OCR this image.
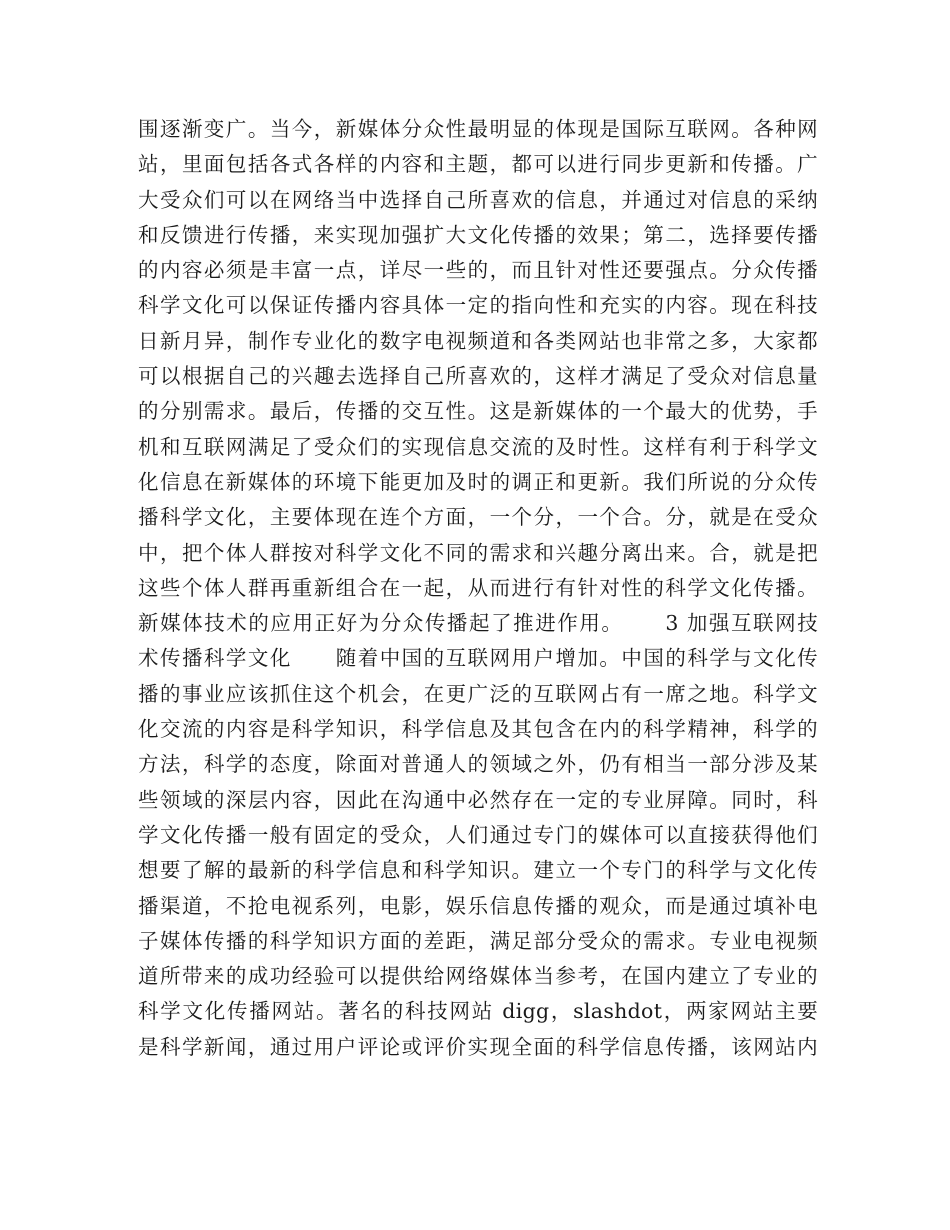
围逐渐变广。当今，新媒体分众性最明显的体现是国际互联网。各种网
站，里面包括各式各样的内容和主题，都可以进行同步更新和传播。广
大受众们可以在网络当中选择自己所喜欢的信息，并通过对信息的采纳
和反馈进行传播，来实现加强扩大文化传播的效果；第二，选择要传播
的内容必须是丰富一点，详尽一些的，而且针对性还要强点。分众传播
科学文化可以保证传播内容具体一定的指向性和充实的内容。现在科技
日新月异，制作专业化的数字电视频道和各类网站也非常之多，大家都
可以根据自己的兴趣去选择自己所喜欢的，这样才满足了受众对信息量
的分别需求。最后，传播的交互性。这是新媒体的一个最大的优势，手
机和互联网满足了受众们的实现信息交流的及时性。这样有利于科学文
化信息在新媒体的环境下能更加及时的调正和更新。我们所说的分众传
播科学文化，主要体现在连个方面，一个分，一个合。分，就是在受众
中，把个体人群按对科学文化不同的需求和兴趣分离出来。合，就是把
这些个体人群再重新组合在一起，从而进行有针对性的科学文化传播。
新媒体技术的应用正好为分众传播起了推进作用。　　 3 加强互联网技
术传播科学文化　　随着中国的互联网用户增加。中国的科学与文化传
播的事业应该抓住这个机会，在更广泛的互联网占有一席之地。科学文
化交流的内容是科学知识，科学信息及其包含在内的科学精神，科学的
方法，科学的态度，除面对普通人的领域之外，仍有相当一部分涉及某
些领域的深层内容，因此在沟通中必然存在一定的专业屏障。同时，科
学文化传播一般有固定的受众，人们通过专门的媒体可以直接获得他们
想要了解的最新的科学信息和科学知识。建立一个专门的科学与文化传
播渠道，不抢电视系列，电影，娱乐信息传播的观众，而是通过填补电
子媒体传播的科学知识方面的差距，满足部分受众的需求。专业电视频
道所带来的成功经验可以提供给网络媒体当参考，在国内建立了专业的
科学文化传播网站。著名的科技网站 digg，slashdot，两家网站主要
是科学新闻，通过用户评论或评价实现全面的科学信息传播，该网站内
